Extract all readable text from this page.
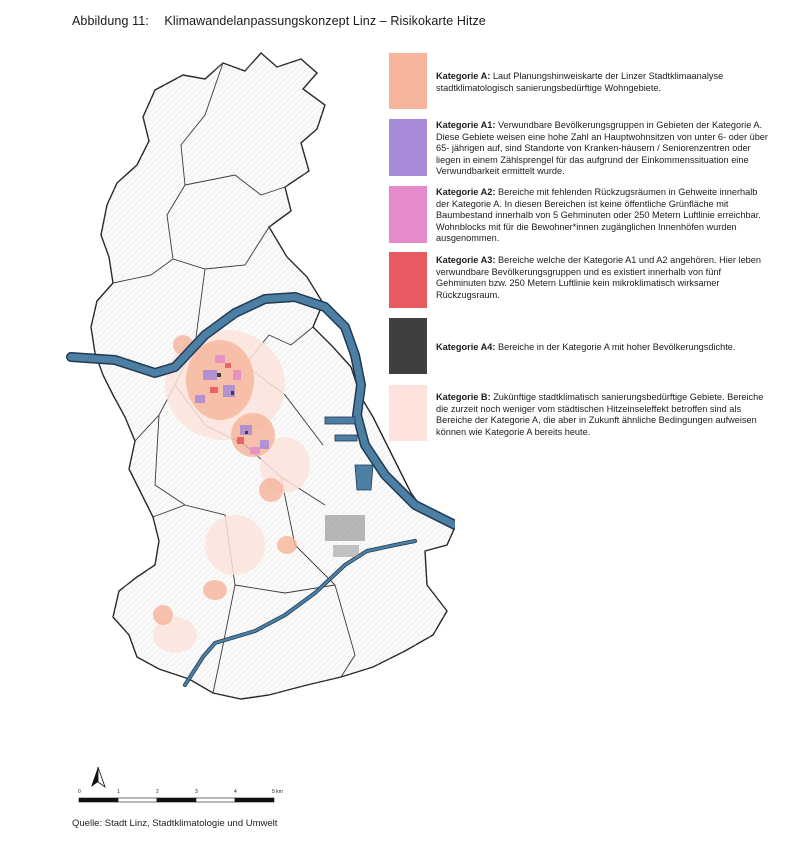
Abbildung 11: Klimawandelanpassungskonzept Linz – Risikokarte Hitze
Kategorie A: Laut Planungshinweiskarte der Linzer Stadtklimaanalyse stadtklimatologisch sanierungsbedürftige Wohngebiete.
Kategorie A1: Verwundbare Bevölkerungsgruppen in Gebieten der Kategorie A. Diese Gebiete weisen eine hohe Zahl an Hauptwohnsitzen von unter 6- oder über 65- jährigen auf, sind Standorte von Kranken-häusern / Seniorenzentren oder liegen in einem Zählsprengel für das aufgrund der Einkommenssituation eine Verwundbarkeit ermittelt wurde.
Kategorie A2: Bereiche mit fehlenden Rückzugsräumen in Gehweite innerhalb der Kategorie A. In diesen Bereichen ist keine öffentliche Grünfläche mit Baumbestand innerhalb von 5 Gehminuten oder 250 Metern Luftlinie erreichbar. Wohnblocks mit für die Bewohner*innen zugänglichen Innenhöfen wurden ausgenommen.
Kategorie A3: Bereiche welche der Kategorie A1 und A2 angehören. Hier leben verwundbare Bevölkerungsgruppen und es existiert innerhalb von fünf Gehminuten bzw. 250 Metern Luftlinie kein mikroklimatisch wirksamer Rückzugsraum.
Kategorie A4: Bereiche in der Kategorie A mit hoher Bevölkerungsdichte.
Kategorie B: Zukünftige stadtklimatisch sanierungsbedürftige Gebiete. Bereiche die zurzeit noch weniger vom städtischen Hitzeinseleffekt betroffen sind als Bereiche der Kategorie A, die aber in Zukunft ähnliche Bedingungen aufweisen können wie Kategorie A bereits heute.
0	1	2	3	4	5 km
Quelle: Stadt Linz, Stadtklimatologie und Umwelt
